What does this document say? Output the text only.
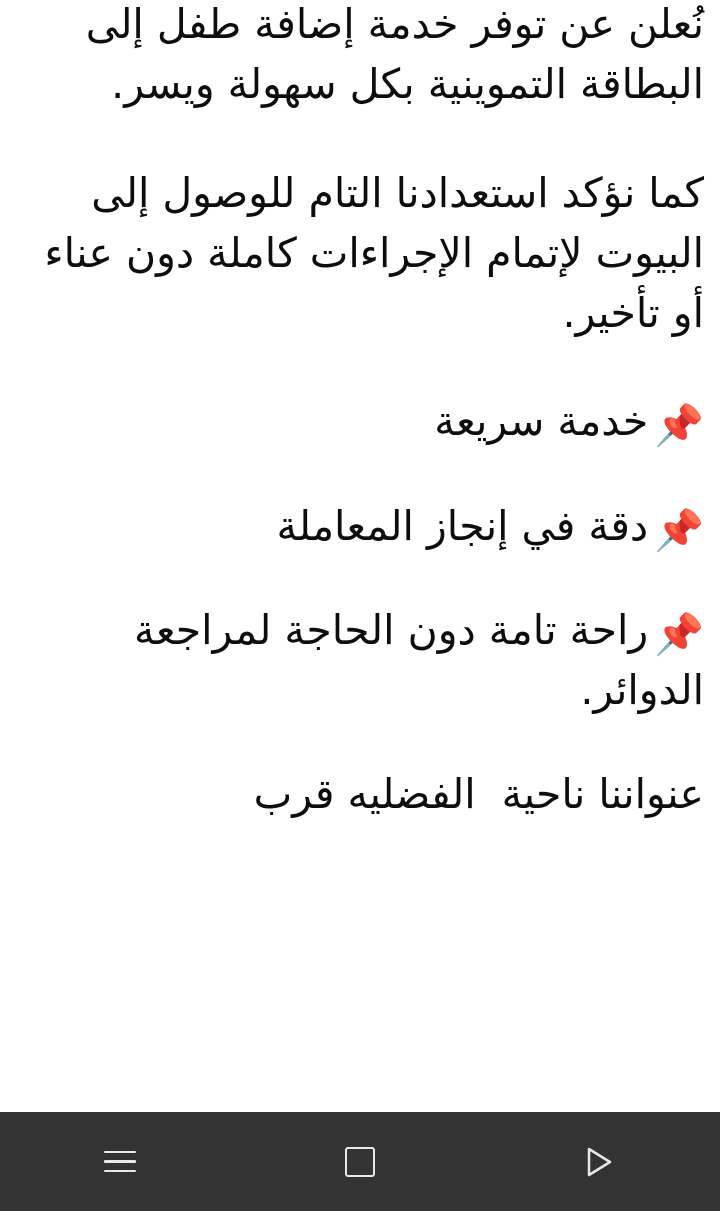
نُعلن عن توفر خدمة إضافة طفل إلى البطاقة التموينية بكل سهولة ويسر.

كما نؤكد استعدادنا التام للوصول إلى البيوت لإتمام الإجراءات كاملة دون عناء أو تأخير.

📌خدمة سريعة
📌دقة في إنجاز المعاملة
📌راحة تامة دون الحاجة لمراجعة الدوائر.

عنواننا ناحية  الفضليه قرب
